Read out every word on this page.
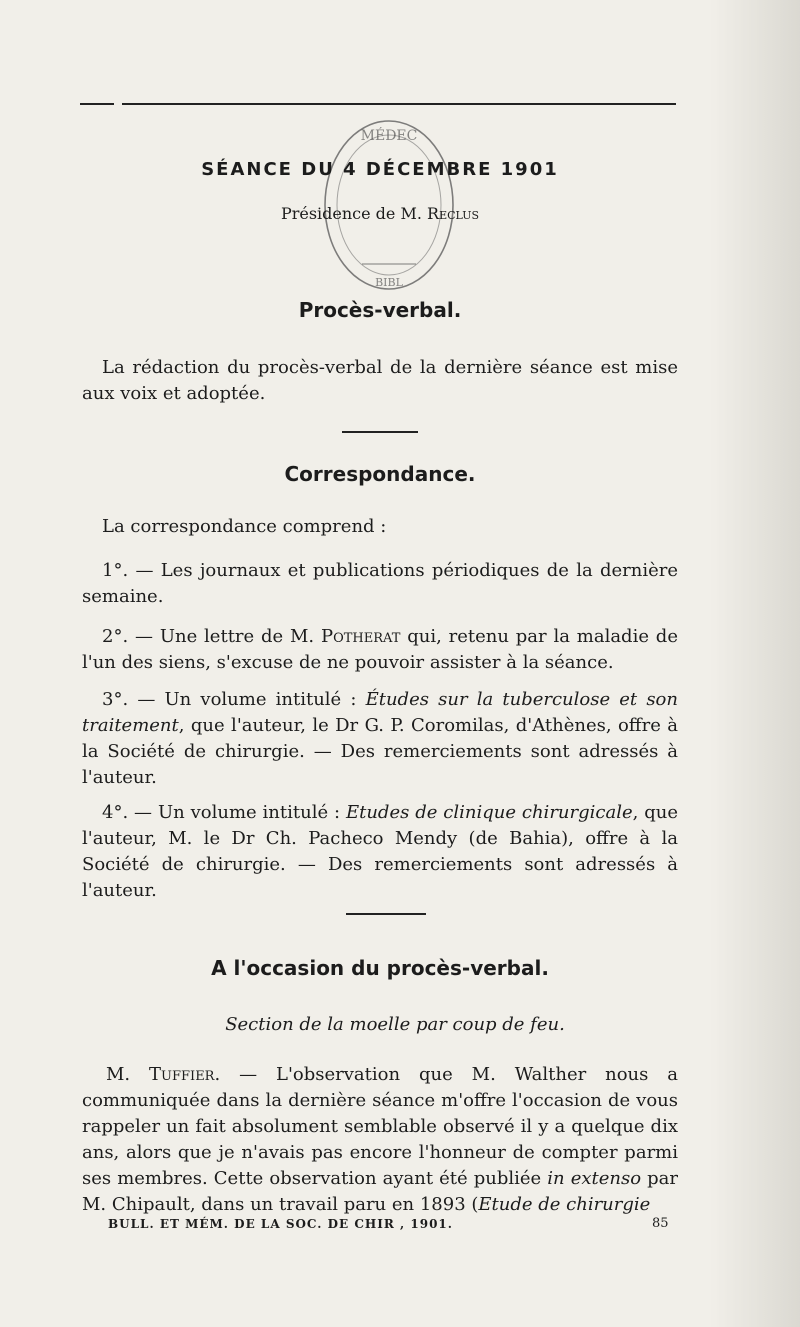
MÉDEC
BIBL
SÉANCE DU 4 DÉCEMBRE 1901
Présidence de M. Reclus
Procès-verbal.

La rédaction du procès-verbal de la dernière séance est mise aux voix et adoptée.

Correspondance.

La correspondance comprend :

1°. — Les journaux et publications périodiques de la dernière semaine.

2°. — Une lettre de M. Potherat qui, retenu par la maladie de l'un des siens, s'excuse de ne pouvoir assister à la séance.

3°. — Un volume intitulé : Études sur la tuberculose et son traitement, que l'auteur, le Dr G. P. Coromilas, d'Athènes, offre à la Société de chirurgie. — Des remerciements sont adressés à l'auteur.

4°. — Un volume intitulé : Etudes de clinique chirurgicale, que l'auteur, M. le Dr Ch. Pacheco Mendy (de Bahia), offre à la Société de chirurgie. — Des remerciements sont adressés à l'auteur.

A l'occasion du procès-verbal.

Section de la moelle par coup de feu.

M. Tuffier. — L'observation que M. Walther nous a communiquée dans la dernière séance m'offre l'occasion de vous rappeler un fait absolument semblable observé il y a quelque dix ans, alors que je n'avais pas encore l'honneur de compter parmi ses membres. Cette observation ayant été publiée in extenso par M. Chipault, dans un travail paru en 1893 (Etude de chirurgie

BULL. ET MÉM. DE LA SOC. DE CHIR , 1901.	85
